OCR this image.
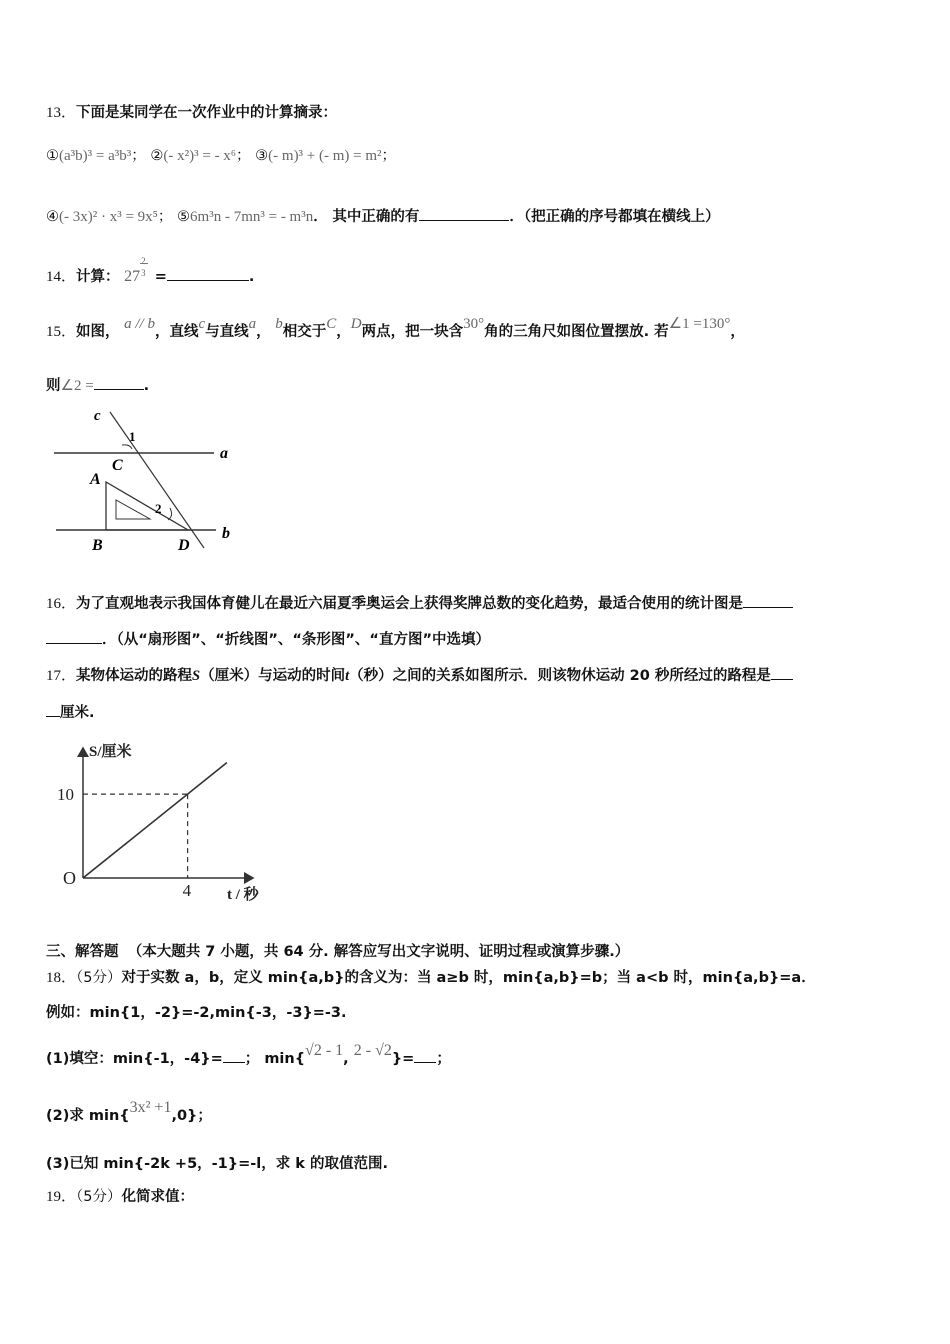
13．下面是某同学在一次作业中的计算摘录：
①(a³b)³ = a³b³； ②(- x²)³ = - x⁶； ③(- m)³ + (- m) = m²；
④(- 3x)² · x³ = 9x⁵； ⑤6m³n - 7mn³ = - m³n． 其中正确的有	．（把正确的序号都填在横线上）
14．计算： 27
2
3 =	.
15．如图， a // b，直线c与直线a， b相交于C，D两点，把一块含30°角的三角尺如图位置摆放. 若∠1 =130°，
则∠2 =	.
c
1
a
C
A
2
b
B	D
16．为了直观地表示我国体育健儿在最近六届夏季奥运会上获得奖牌总数的变化趋势，最适合使用的统计图是
．（从“扇形图”、“折线图”、“条形图”、“直方图”中选填）
17．某物体运动的路程S（厘米）与运动的时间t（秒）之间的关系如图所示．则该物休运动 20 秒所经过的路程是
厘米.
10
4
S/厘米
t / 秒
O
三、解答题 （本大题共 7 小题，共 64 分. 解答应写出文字说明、证明过程或演算步骤.）
18．（5分）对于实数 a，b，定义 min{a,b}的含义为：当 a≥b 时，min{a,b}=b；当 a<b 时，min{a,b}=a．
例如：min{1，-2}=-2,min{-3，-3}=-3.
(1)填空：min{-1，-4}= ； min{√2 - 1, 2 - √2}= ；
(2)求 min{3x² +1,0}；
(3)已知 min{-2k +5，-1}=-l，求 k 的取值范围.
19．（5分）化简求值：
